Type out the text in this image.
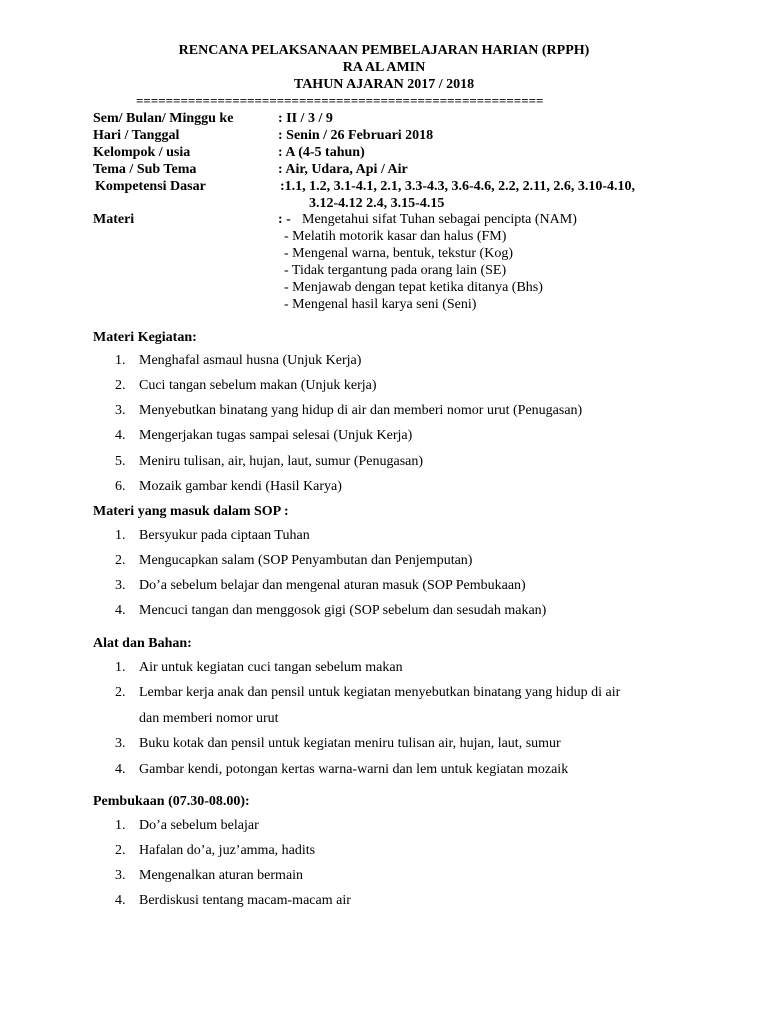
RENCANA PELAKSANAAN PEMBELAJARAN HARIAN (RPPH)
RA AL AMIN
TAHUN AJARAN 2017 / 2018
=======================================================
Sem/ Bulan/ Minggu ke	: II / 3 / 9
Hari / Tanggal	: Senin / 26 Februari 2018
Kelompok / usia	: A (4-5 tahun)
Tema / Sub Tema	: Air, Udara, Api / Air
Kompetensi Dasar	:1.1, 1.2, 3.1-4.1, 2.1, 3.3-4.3, 3.6-4.6, 2.2, 2.11, 2.6, 3.10-4.10,
3.12-4.12 2.4, 3.15-4.15
Materi	: - Mengetahui sifat Tuhan sebagai pencipta (NAM)
- Melatih motorik kasar dan halus (FM)
- Mengenal warna, bentuk, tekstur (Kog)
- Tidak tergantung pada orang lain (SE)
- Menjawab dengan tepat ketika ditanya (Bhs)
- Mengenal hasil karya seni (Seni)
Materi Kegiatan:
1. Menghafal asmaul husna (Unjuk Kerja)
2. Cuci tangan sebelum makan (Unjuk kerja)
3. Menyebutkan binatang yang hidup di air dan memberi nomor urut (Penugasan)
4. Mengerjakan tugas sampai selesai (Unjuk Kerja)
5. Meniru tulisan, air, hujan, laut, sumur (Penugasan)
6. Mozaik gambar kendi (Hasil Karya)
Materi yang masuk dalam SOP :
1. Bersyukur pada ciptaan Tuhan
2. Mengucapkan salam (SOP Penyambutan dan Penjemputan)
3. Do’a sebelum belajar dan mengenal aturan masuk (SOP Pembukaan)
4. Mencuci tangan dan menggosok gigi (SOP sebelum dan sesudah makan)
Alat dan Bahan:
1. Air untuk kegiatan cuci tangan sebelum makan
2. Lembar kerja anak dan pensil untuk kegiatan menyebutkan binatang yang hidup di air
dan memberi nomor urut
3. Buku kotak dan pensil untuk kegiatan meniru tulisan air, hujan, laut, sumur
4. Gambar kendi, potongan kertas warna-warni dan lem untuk kegiatan mozaik
Pembukaan (07.30-08.00):
1. Do’a sebelum belajar
2. Hafalan do’a, juz’amma, hadits
3. Mengenalkan aturan bermain
4. Berdiskusi tentang macam-macam air
